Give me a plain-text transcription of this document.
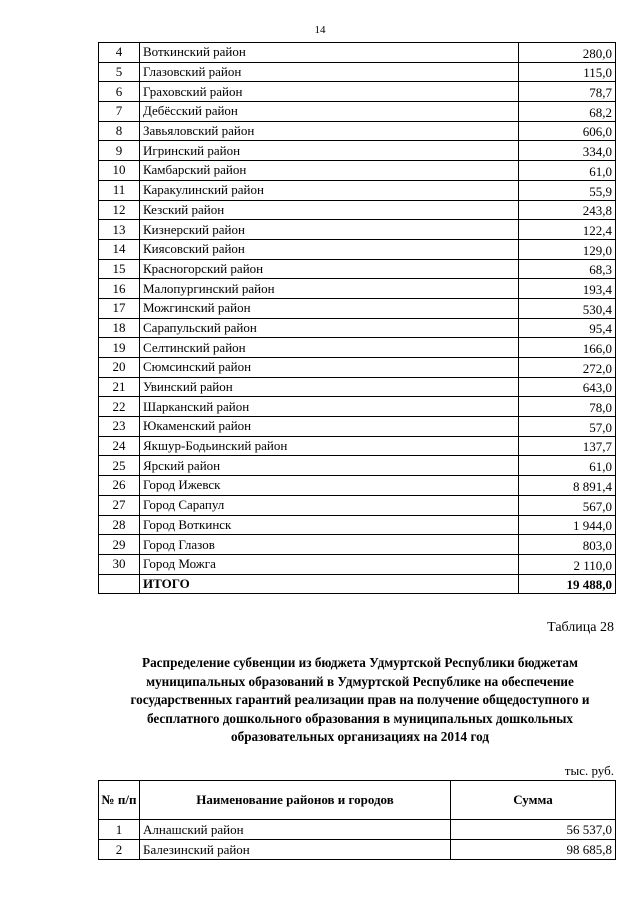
14
4	Воткинский район	280,0
5	Глазовский район	115,0
6	Граховский район	78,7
7	Дебёсский район	68,2
8	Завьяловский район	606,0
9	Игринский район	334,0
10	Камбарский район	61,0
11	Каракулинский район	55,9
12	Кезский район	243,8
13	Кизнерский район	122,4
14	Киясовский район	129,0
15	Красногорский район	68,3
16	Малопургинский район	193,4
17	Можгинский район	530,4
18	Сарапульский район	95,4
19	Селтинский район	166,0
20	Сюмсинский район	272,0
21	Увинский район	643,0
22	Шарканский район	78,0
23	Юкаменский район	57,0
24	Якшур-Бодьинский район	137,7
25	Ярский район	61,0
26	Город Ижевск	8 891,4
27	Город Сарапул	567,0
28	Город Воткинск	1 944,0
29	Город Глазов	803,0
30	Город Можга	2 110,0
	ИТОГО	19 488,0
Таблица 28
Распределение субвенции из бюджета Удмуртской Республики бюджетам муниципальных образований в Удмуртской Республике на обеспечение государственных гарантий реализации прав на получение общедоступного и бесплатного дошкольного образования в муниципальных дошкольных образовательных организациях на 2014 год
тыс. руб.
№ п/п	Наименование районов и городов	Сумма
1	Алнашский район	56 537,0
2	Балезинский район	98 685,8
